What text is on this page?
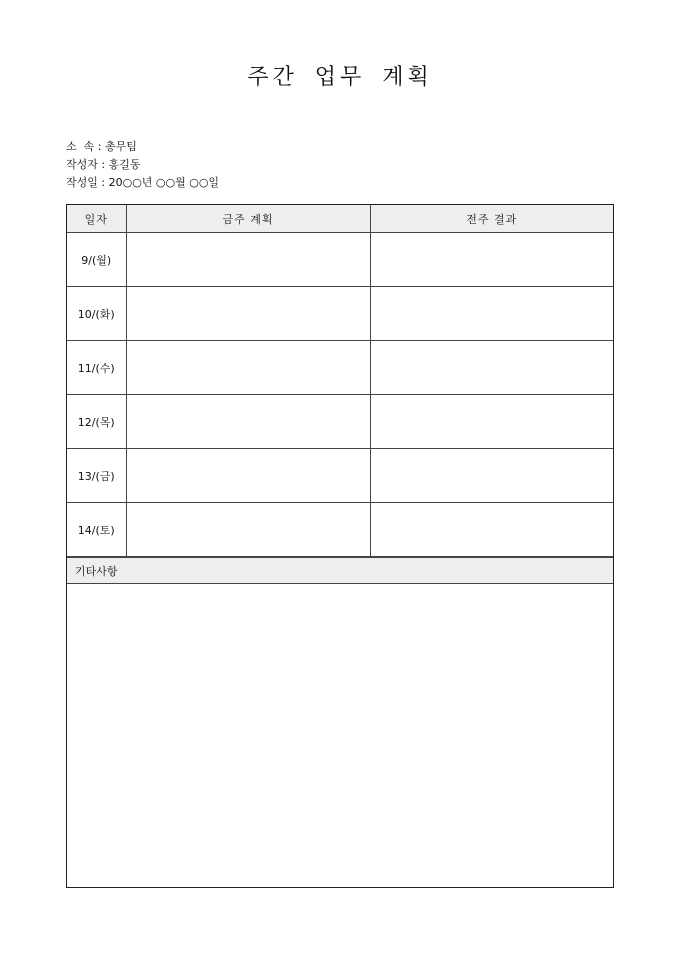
주간 업무 계획
소  속 : 총무팀
작성자 : 홍길동
작성일 : 20○○년 ○○월 ○○일
일자	금주 계획	전주 결과
9/(월)		
10/(화)		
11/(수)		
12/(목)		
13/(금)		
14/(토)		
기타사항
